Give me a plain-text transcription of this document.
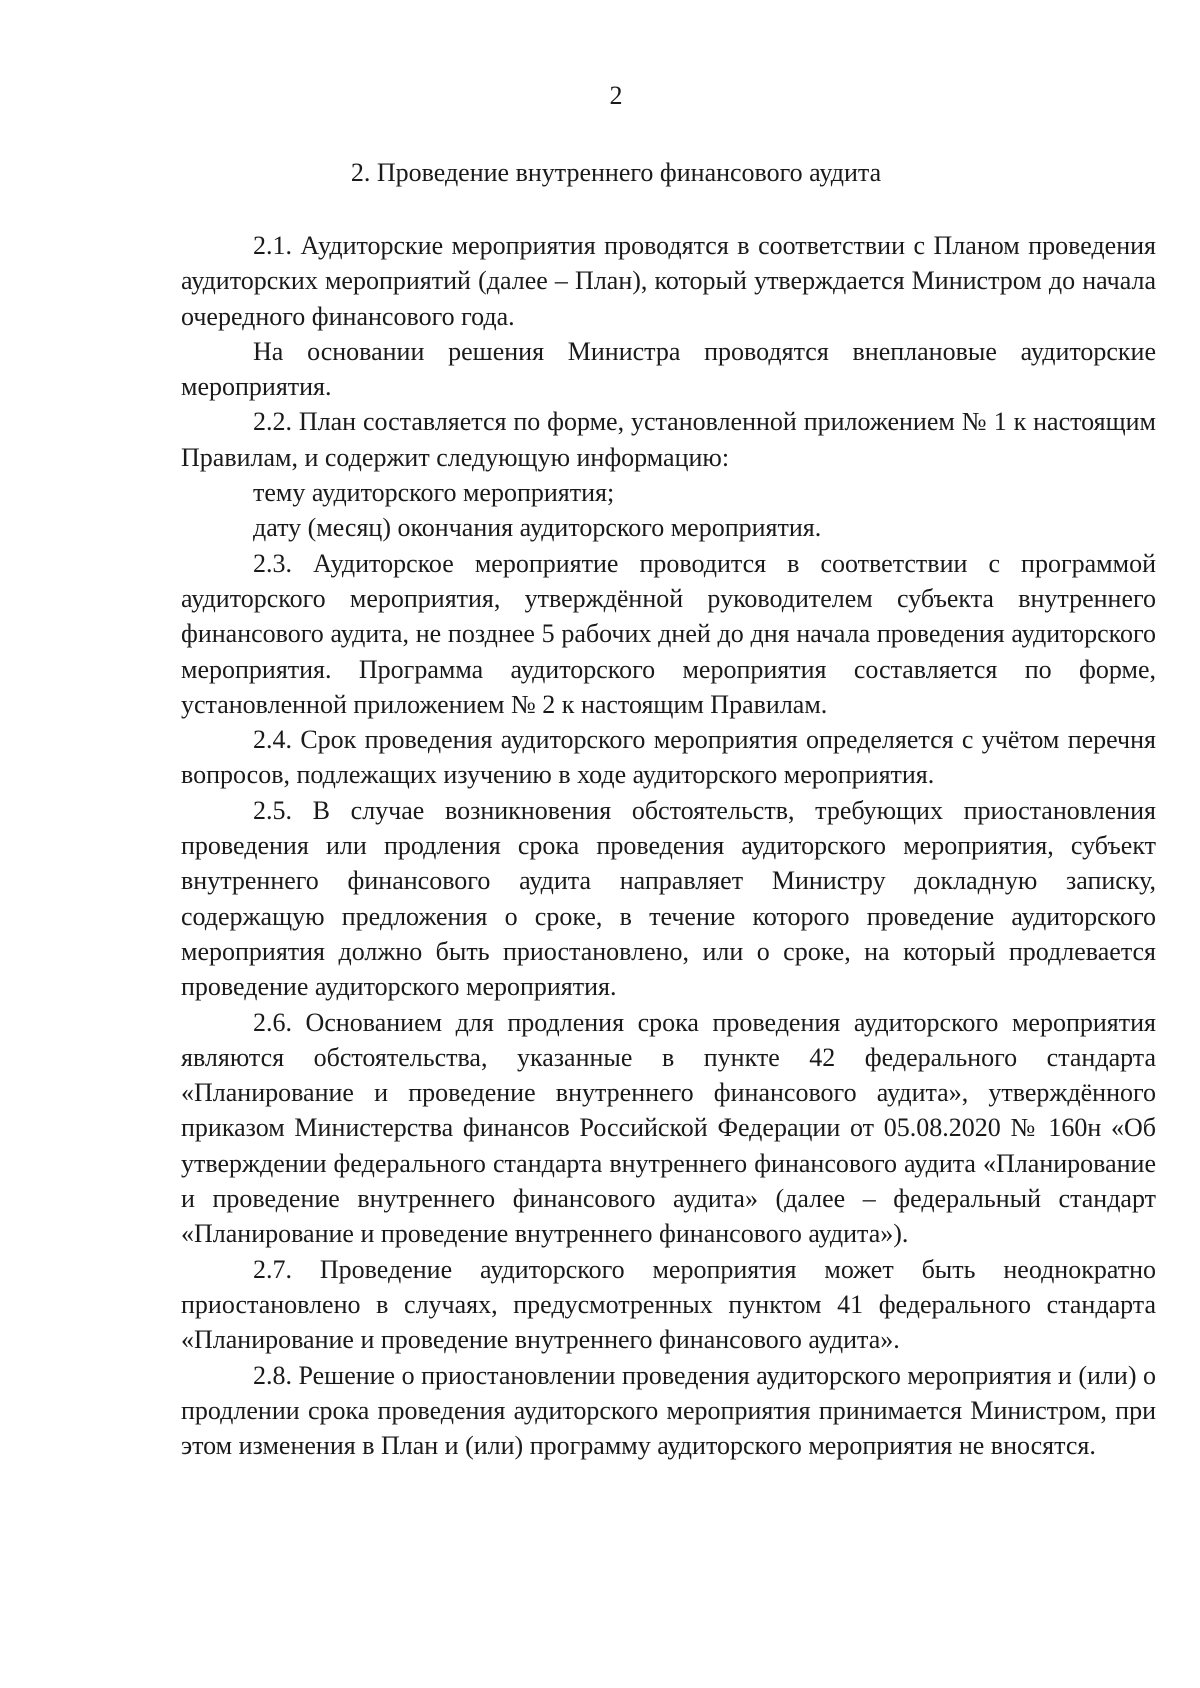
2
2. Проведение внутреннего финансового аудита

2.1. Аудиторские мероприятия проводятся в соответствии с Планом проведения аудиторских мероприятий (далее – План), который утверждается Министром до начала очередного финансового года.

На основании решения Министра проводятся внеплановые аудиторские мероприятия.

2.2. План составляется по форме, установленной приложением № 1 к настоящим Правилам, и содержит следующую информацию:

тему аудиторского мероприятия;

дату (месяц) окончания аудиторского мероприятия.

2.3. Аудиторское мероприятие проводится в соответствии с программой аудиторского мероприятия, утверждённой руководителем субъекта внутреннего финансового аудита, не позднее 5 рабочих дней до дня начала проведения аудиторского мероприятия. Программа аудиторского мероприятия составляется по форме, установленной приложением № 2 к настоящим Правилам.

2.4. Срок проведения аудиторского мероприятия определяется с учётом перечня вопросов, подлежащих изучению в ходе аудиторского мероприятия.

2.5. В случае возникновения обстоятельств, требующих приостановления проведения или продления срока проведения аудиторского мероприятия, субъект внутреннего финансового аудита направляет Министру докладную записку, содержащую предложения о сроке, в течение которого проведение аудиторского мероприятия должно быть приостановлено, или о сроке, на который продлевается проведение аудиторского мероприятия.

2.6. Основанием для продления срока проведения аудиторского мероприятия являются обстоятельства, указанные в пункте 42 федерального стандарта «Планирование и проведение внутреннего финансового аудита», утверждённого приказом Министерства финансов Российской Федерации от 05.08.2020 № 160н «Об утверждении федерального стандарта внутреннего финансового аудита «Планирование и проведение внутреннего финансового аудита» (далее – федеральный стандарт «Планирование и проведение внутреннего финансового аудита»).

2.7. Проведение аудиторского мероприятия может быть неоднократно приостановлено в случаях, предусмотренных пунктом 41 федерального стандарта «Планирование и проведение внутреннего финансового аудита».

2.8. Решение о приостановлении проведения аудиторского мероприятия и (или) о продлении срока проведения аудиторского мероприятия принимается Министром, при этом изменения в План и (или) программу аудиторского мероприятия не вносятся.
